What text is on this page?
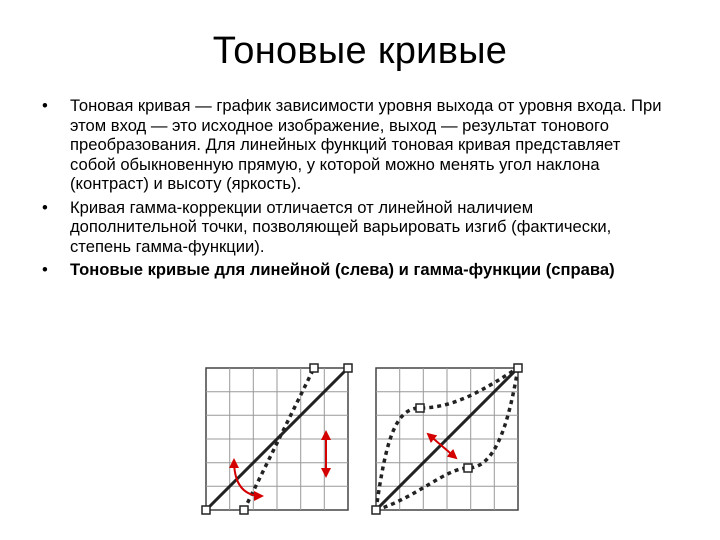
Тоновые кривые
•	Тоновая кривая — график зависимости уровня выхода от уровня входа. При этом вход — это исходное изображение, выход — результат тонового преобразования. Для линейных функций тоновая кривая представляет собой обыкновенную прямую, у которой можно менять угол наклона (контраст) и высоту (яркость).
•	Кривая гамма-коррекции отличается от линейной наличием дополнительной точки, позволяющей варьировать изгиб (фактически, степень гамма-функции).
•	Тоновые кривые для линейной (слева) и гамма-функции (справа)
